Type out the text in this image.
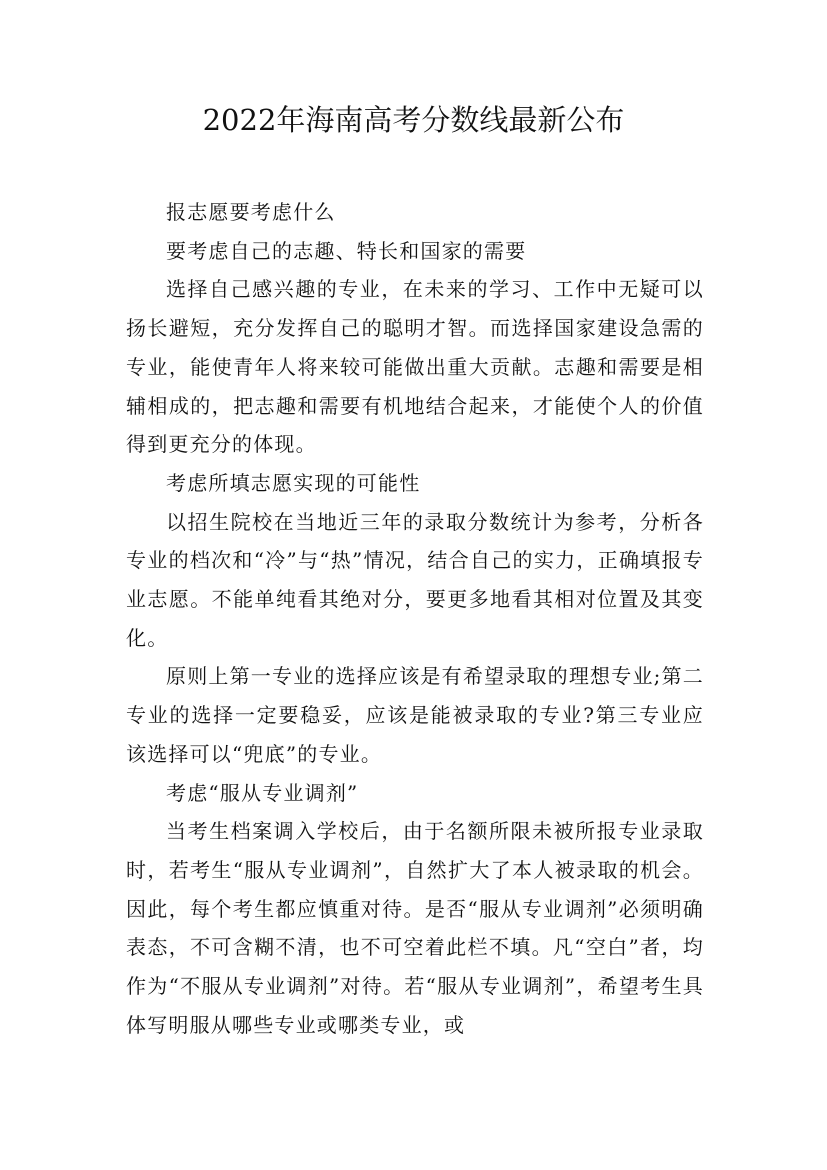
2022年海南高考分数线最新公布

报志愿要考虑什么

要考虑自己的志趣、特长和国家的需要

选择自己感兴趣的专业，在未来的学习、工作中无疑可以扬长避短，充分发挥自己的聪明才智。而选择国家建设急需的专业，能使青年人将来较可能做出重大贡献。志趣和需要是相辅相成的，把志趣和需要有机地结合起来，才能使个人的价值得到更充分的体现。

考虑所填志愿实现的可能性

以招生院校在当地近三年的录取分数统计为参考，分析各专业的档次和“冷”与“热”情况，结合自己的实力，正确填报专业志愿。不能单纯看其绝对分，要更多地看其相对位置及其变化。

原则上第一专业的选择应该是有希望录取的理想专业;第二专业的选择一定要稳妥，应该是能被录取的专业?第三专业应该选择可以“兜底”的专业。

考虑“服从专业调剂”

当考生档案调入学校后，由于名额所限未被所报专业录取时，若考生“服从专业调剂”，自然扩大了本人被录取的机会。因此，每个考生都应慎重对待。是否“服从专业调剂”必须明确表态，不可含糊不清，也不可空着此栏不填。凡“空白”者，均作为“不服从专业调剂”对待。若“服从专业调剂”，希望考生具体写明服从哪些专业或哪类专业，或
